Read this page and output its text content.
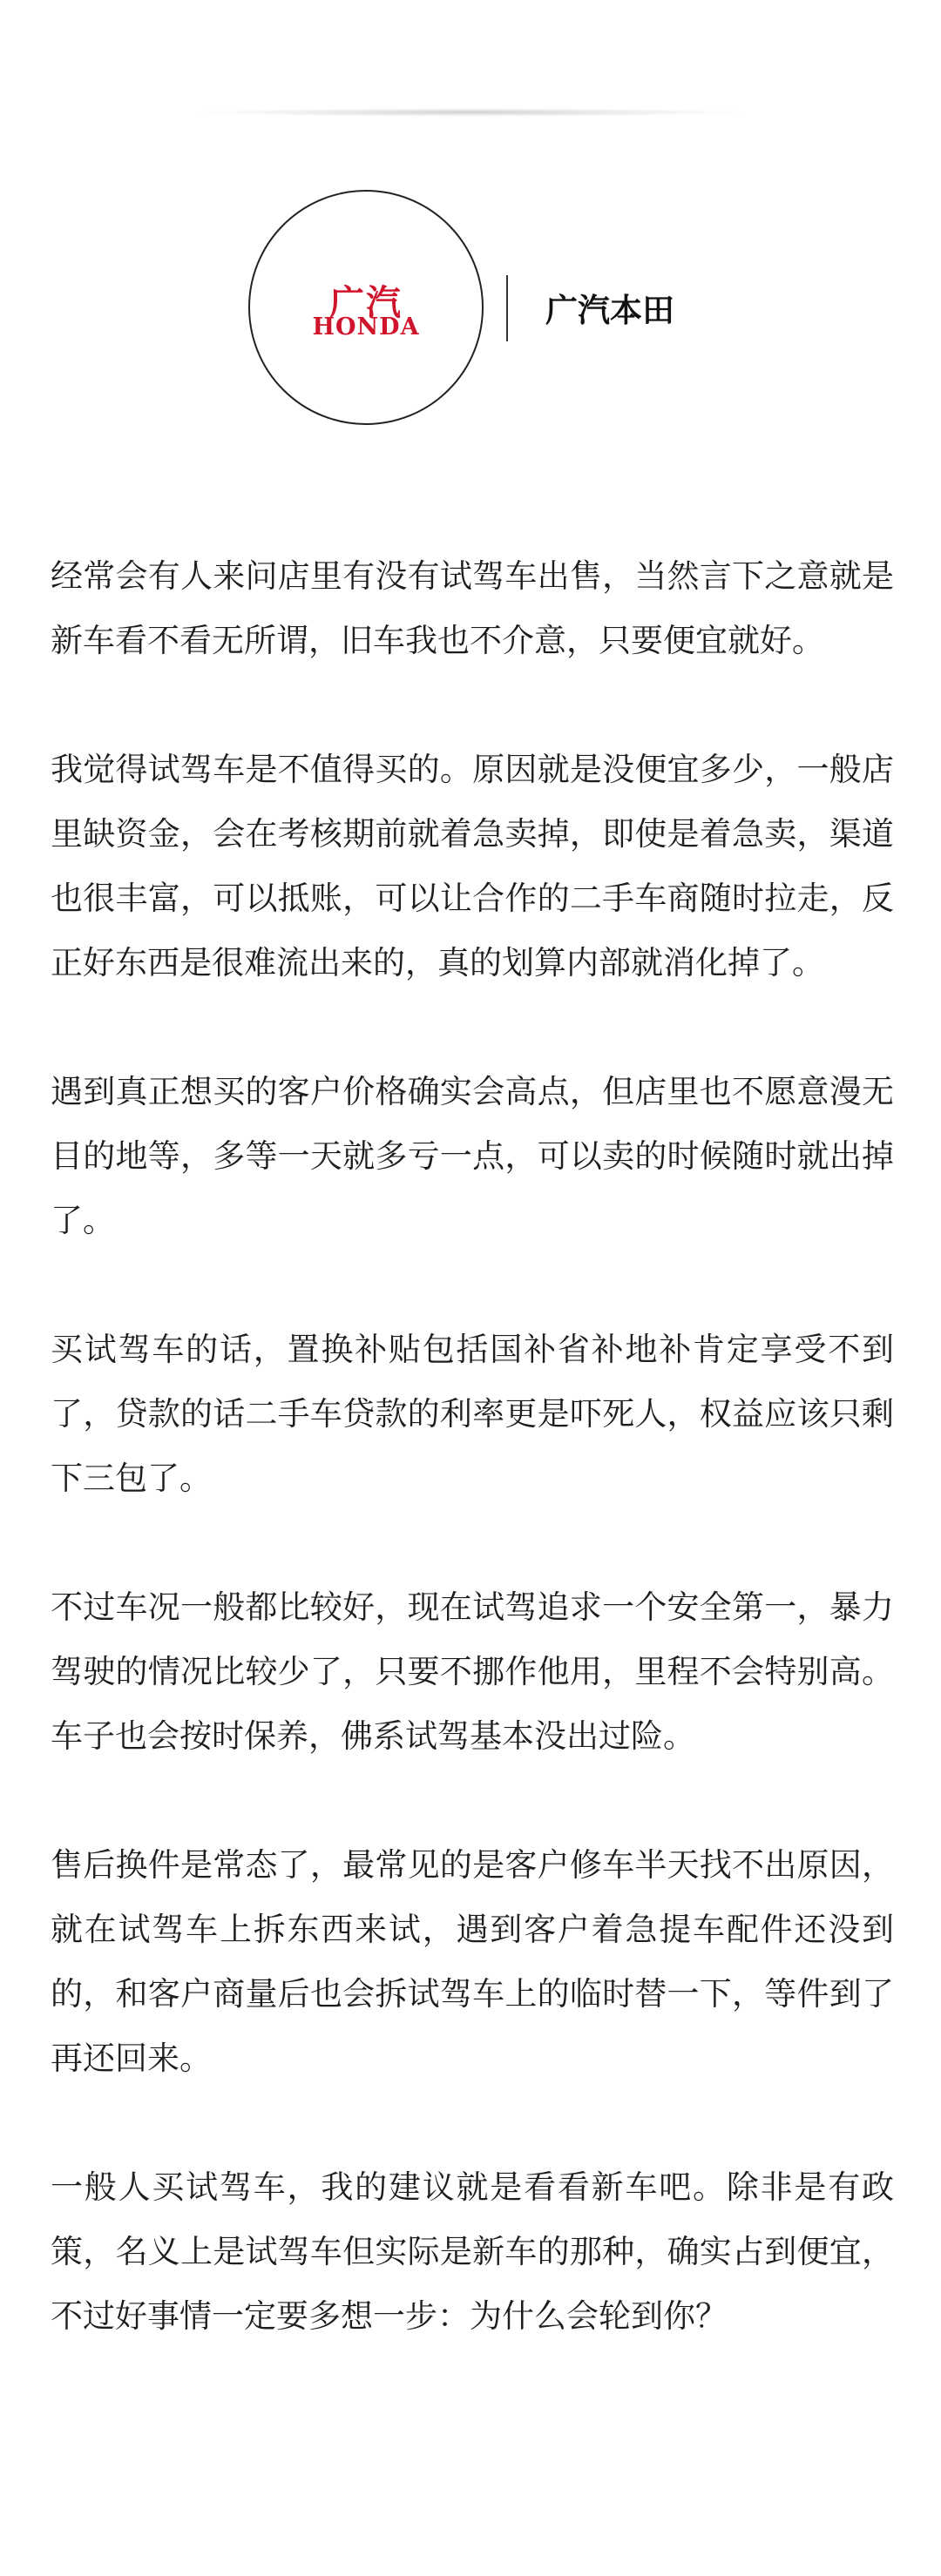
广汽
HONDA	广汽本田

经常会有人来问店里有没有试驾车出售，当然言下之意就是新车看不看无所谓，旧车我也不介意，只要便宜就好。

我觉得试驾车是不值得买的。原因就是没便宜多少，一般店里缺资金，会在考核期前就着急卖掉，即使是着急卖，渠道也很丰富，可以抵账，可以让合作的二手车商随时拉走，反正好东西是很难流出来的，真的划算内部就消化掉了。

遇到真正想买的客户价格确实会高点，但店里也不愿意漫无目的地等，多等一天就多亏一点，可以卖的时候随时就出掉了。

买试驾车的话，置换补贴包括国补省补地补肯定享受不到了，贷款的话二手车贷款的利率更是吓死人，权益应该只剩下三包了。

不过车况一般都比较好，现在试驾追求一个安全第一，暴力驾驶的情况比较少了，只要不挪作他用，里程不会特别高。车子也会按时保养，佛系试驾基本没出过险。

售后换件是常态了，最常见的是客户修车半天找不出原因，就在试驾车上拆东西来试，遇到客户着急提车配件还没到的，和客户商量后也会拆试驾车上的临时替一下，等件到了再还回来。

一般人买试驾车，我的建议就是看看新车吧。除非是有政策，名义上是试驾车但实际是新车的那种，确实占到便宜，不过好事情一定要多想一步：为什么会轮到你？
